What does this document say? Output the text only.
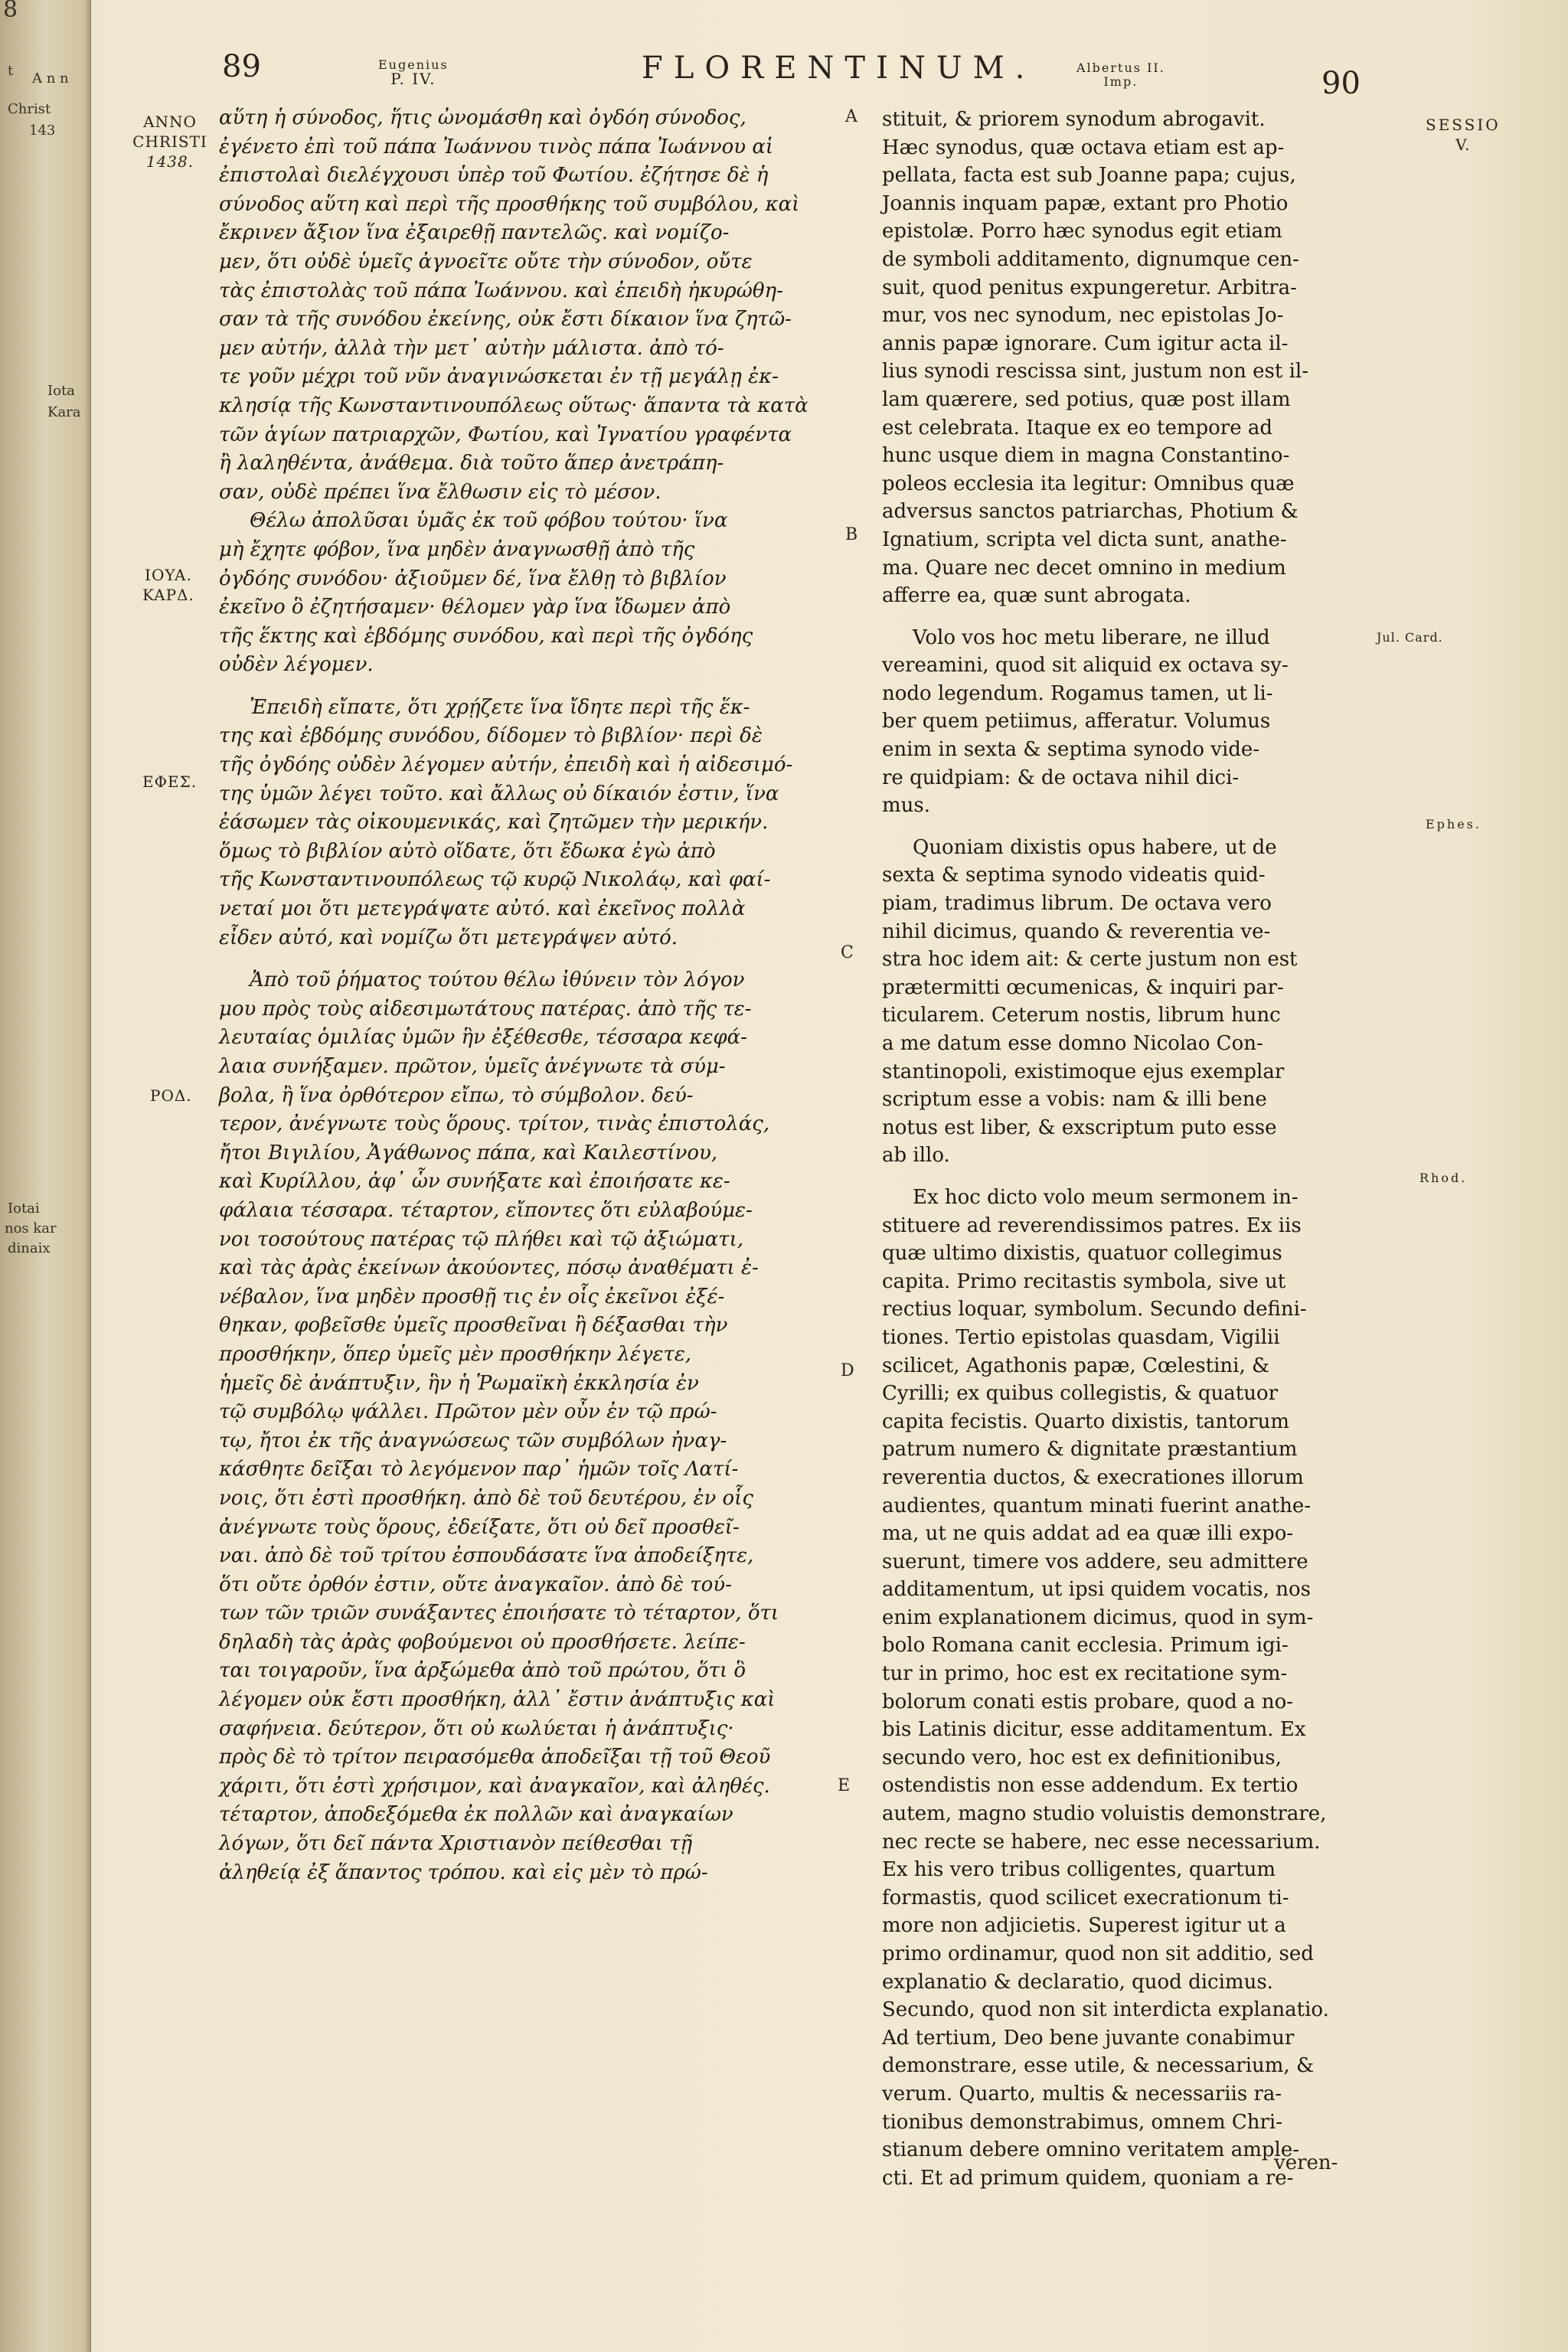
8
t A n n
Christ
143
Iota
Kara
Iotai
nos kar
dinaix
89	Eugenius
P. IV.	FLORENTINUM.	Albertus II.
Imp.	90
ANNO
CHRISTI
1438.
IOYA.
KAPΔ.
EΦEΣ.
POΔ.
A
B
C
D
E
SESSIO
V.
Jul. Card.
Ephes.
Rhod.

αὕτη ἡ σύνοδος, ἥτις ὠνομάσθη καὶ ὀγδόη σύνοδος,
ἐγένετο ἐπὶ τοῦ πάπα Ἰωάννου τινὸς πάπα Ἰωάννου αἱ
ἐπιστολαὶ διελέγχουσι ὑπὲρ τοῦ Φωτίου. ἐζήτησε δὲ ἡ
σύνοδος αὕτη καὶ περὶ τῆς προσθήκης τοῦ συμβόλου, καὶ
ἔκρινεν ἄξιον ἵνα ἐξαιρεθῇ παντελῶς. καὶ νομίζο-
μεν, ὅτι οὐδὲ ὑμεῖς ἀγνοεῖτε οὔτε τὴν σύνοδον, οὔτε
τὰς ἐπιστολὰς τοῦ πάπα Ἰωάννου. καὶ ἐπειδὴ ἠκυρώθη-
σαν τὰ τῆς συνόδου ἐκείνης, οὐκ ἔστι δίκαιον ἵνα ζητῶ-
μεν αὐτήν, ἀλλὰ τὴν μετ᾽ αὐτὴν μάλιστα. ἀπὸ τό-
τε γοῦν μέχρι τοῦ νῦν ἀναγινώσκεται ἐν τῇ μεγάλῃ ἐκ-
κλησίᾳ τῆς Κωνσταντινουπόλεως οὕτως· ἅπαντα τὰ κατὰ
τῶν ἁγίων πατριαρχῶν, Φωτίου, καὶ Ἰγνατίου γραφέντα
ἢ λαληθέντα, ἀνάθεμα. διὰ τοῦτο ἅπερ ἀνετράπη-
σαν, οὐδὲ πρέπει ἵνα ἔλθωσιν εἰς τὸ μέσον.

Θέλω ἀπολῦσαι ὑμᾶς ἐκ τοῦ φόβου τούτου· ἵνα
μὴ ἔχητε φόβον, ἵνα μηδὲν ἀναγνωσθῇ ἀπὸ τῆς
ὀγδόης συνόδου· ἀξιοῦμεν δέ, ἵνα ἔλθῃ τὸ βιβλίον
ἐκεῖνο ὃ ἐζητήσαμεν· θέλομεν γὰρ ἵνα ἴδωμεν ἀπὸ
τῆς ἕκτης καὶ ἑβδόμης συνόδου, καὶ περὶ τῆς ὀγδόης
οὐδὲν λέγομεν.

Ἐπειδὴ εἴπατε, ὅτι χρῄζετε ἵνα ἴδητε περὶ τῆς ἕκ-
της καὶ ἑβδόμης συνόδου, δίδομεν τὸ βιβλίον· περὶ δὲ
τῆς ὀγδόης οὐδὲν λέγομεν αὐτήν, ἐπειδὴ καὶ ἡ αἰδεσιμό-
της ὑμῶν λέγει τοῦτο. καὶ ἄλλως οὐ δίκαιόν ἐστιν, ἵνα
ἐάσωμεν τὰς οἰκουμενικάς, καὶ ζητῶμεν τὴν μερικήν.
ὅμως τὸ βιβλίον αὐτὸ οἴδατε, ὅτι ἔδωκα ἐγὼ ἀπὸ
τῆς Κωνσταντινουπόλεως τῷ κυρῷ Νικολάῳ, καὶ φαί-
νεταί μοι ὅτι μετεγράψατε αὐτό. καὶ ἐκεῖνος πολλὰ
εἶδεν αὐτό, καὶ νομίζω ὅτι μετεγράψεν αὐτό.

Ἀπὸ τοῦ ῥήματος τούτου θέλω ἰθύνειν τὸν λόγον
μου πρὸς τοὺς αἰδεσιμωτάτους πατέρας. ἀπὸ τῆς τε-
λευταίας ὁμιλίας ὑμῶν ἣν ἐξέθεσθε, τέσσαρα κεφά-
λαια συνήξαμεν. πρῶτον, ὑμεῖς ἀνέγνωτε τὰ σύμ-
βολα, ἢ ἵνα ὀρθότερον εἴπω, τὸ σύμβολον. δεύ-
τερον, ἀνέγνωτε τοὺς ὅρους. τρίτον, τινὰς ἐπιστολάς,
ἤτοι Βιγιλίου, Ἀγάθωνος πάπα, καὶ Καιλεστίνου,
καὶ Κυρίλλου, ἀφ᾽ ὧν συνήξατε καὶ ἐποιήσατε κε-
φάλαια τέσσαρα. τέταρτον, εἴποντες ὅτι εὐλαβούμε-
νοι τοσούτους πατέρας τῷ πλήθει καὶ τῷ ἀξιώματι,
καὶ τὰς ἀρὰς ἐκείνων ἀκούοντες, πόσῳ ἀναθέματι ἐ-
νέβαλον, ἵνα μηδὲν προσθῇ τις ἐν οἷς ἐκεῖνοι ἐξέ-
θηκαν, φοβεῖσθε ὑμεῖς προσθεῖναι ἢ δέξασθαι τὴν
προσθήκην, ὅπερ ὑμεῖς μὲν προσθήκην λέγετε,
ἡμεῖς δὲ ἀνάπτυξιν, ἣν ἡ Ῥωμαϊκὴ ἐκκλησία ἐν
τῷ συμβόλῳ ψάλλει. Πρῶτον μὲν οὖν ἐν τῷ πρώ-
τῳ, ἤτοι ἐκ τῆς ἀναγνώσεως τῶν συμβόλων ἠναγ-
κάσθητε δεῖξαι τὸ λεγόμενον παρ᾽ ἡμῶν τοῖς Λατί-
νοις, ὅτι ἐστὶ προσθήκη. ἀπὸ δὲ τοῦ δευτέρου, ἐν οἷς
ἀνέγνωτε τοὺς ὅρους, ἐδείξατε, ὅτι οὐ δεῖ προσθεῖ-
ναι. ἀπὸ δὲ τοῦ τρίτου ἐσπουδάσατε ἵνα ἀποδείξητε,
ὅτι οὔτε ὀρθόν ἐστιν, οὔτε ἀναγκαῖον. ἀπὸ δὲ τού-
των τῶν τριῶν συνάξαντες ἐποιήσατε τὸ τέταρτον, ὅτι
δηλαδὴ τὰς ἀρὰς φοβούμενοι οὐ προσθήσετε. λείπε-
ται τοιγαροῦν, ἵνα ἀρξώμεθα ἀπὸ τοῦ πρώτου, ὅτι ὃ
λέγομεν οὐκ ἔστι προσθήκη, ἀλλ᾽ ἔστιν ἀνάπτυξις καὶ
σαφήνεια. δεύτερον, ὅτι οὐ κωλύεται ἡ ἀνάπτυξις·
πρὸς δὲ τὸ τρίτον πειρασόμεθα ἀποδεῖξαι τῇ τοῦ Θεοῦ
χάριτι, ὅτι ἐστὶ χρήσιμον, καὶ ἀναγκαῖον, καὶ ἀληθές.
τέταρτον, ἀποδεξόμεθα ἐκ πολλῶν καὶ ἀναγκαίων
λόγων, ὅτι δεῖ πάντα Χριστιανὸν πείθεσθαι τῇ
ἀληθείᾳ ἐξ ἅπαντος τρόπου. καὶ εἰς μὲν τὸ πρώ-

stituit, & priorem synodum abrogavit.
Hæc synodus, quæ octava etiam est ap-
pellata, facta est sub Joanne papa; cujus,
Joannis inquam papæ, extant pro Photio
epistolæ. Porro hæc synodus egit etiam
de symboli additamento, dignumque cen-
suit, quod penitus expungeretur. Arbitra-
mur, vos nec synodum, nec epistolas Jo-
annis papæ ignorare. Cum igitur acta il-
lius synodi rescissa sint, justum non est il-
lam quærere, sed potius, quæ post illam
est celebrata. Itaque ex eo tempore ad
hunc usque diem in magna Constantino-
poleos ecclesia ita legitur: Omnibus quæ
adversus sanctos patriarchas, Photium &
Ignatium, scripta vel dicta sunt, anathe-
ma. Quare nec decet omnino in medium
afferre ea, quæ sunt abrogata.

Volo vos hoc metu liberare, ne illud
vereamini, quod sit aliquid ex octava sy-
nodo legendum. Rogamus tamen, ut li-
ber quem petiimus, afferatur. Volumus
enim in sexta & septima synodo vide-
re quidpiam: & de octava nihil dici-
mus.

Quoniam dixistis opus habere, ut de
sexta & septima synodo videatis quid-
piam, tradimus librum. De octava vero
nihil dicimus, quando & reverentia ve-
stra hoc idem ait: & certe justum non est
prætermitti œcumenicas, & inquiri par-
ticularem. Ceterum nostis, librum hunc
a me datum esse domno Nicolao Con-
stantinopoli, existimoque ejus exemplar
scriptum esse a vobis: nam & illi bene
notus est liber, & exscriptum puto esse
ab illo.

Ex hoc dicto volo meum sermonem in-
stituere ad reverendissimos patres. Ex iis
quæ ultimo dixistis, quatuor collegimus
capita. Primo recitastis symbola, sive ut
rectius loquar, symbolum. Secundo defini-
tiones. Tertio epistolas quasdam, Vigilii
scilicet, Agathonis papæ, Cœlestini, &
Cyrilli; ex quibus collegistis, & quatuor
capita fecistis. Quarto dixistis, tantorum
patrum numero & dignitate præstantium
reverentia ductos, & execrationes illorum
audientes, quantum minati fuerint anathe-
ma, ut ne quis addat ad ea quæ illi expo-
suerunt, timere vos addere, seu admittere
additamentum, ut ipsi quidem vocatis, nos
enim explanationem dicimus, quod in sym-
bolo Romana canit ecclesia. Primum igi-
tur in primo, hoc est ex recitatione sym-
bolorum conati estis probare, quod a no-
bis Latinis dicitur, esse additamentum. Ex
secundo vero, hoc est ex definitionibus,
ostendistis non esse addendum. Ex tertio
autem, magno studio voluistis demonstrare,
nec recte se habere, nec esse necessarium.
Ex his vero tribus colligentes, quartum
formastis, quod scilicet execrationum ti-
more non adjicietis. Superest igitur ut a
primo ordinamur, quod non sit additio, sed
explanatio & declaratio, quod dicimus.
Secundo, quod non sit interdicta explanatio.
Ad tertium, Deo bene juvante conabimur
demonstrare, esse utile, & necessarium, &
verum. Quarto, multis & necessariis ra-
tionibus demonstrabimus, omnem Chri-
stianum debere omnino veritatem ample-
cti. Et ad primum quidem, quoniam a re-

veren-
